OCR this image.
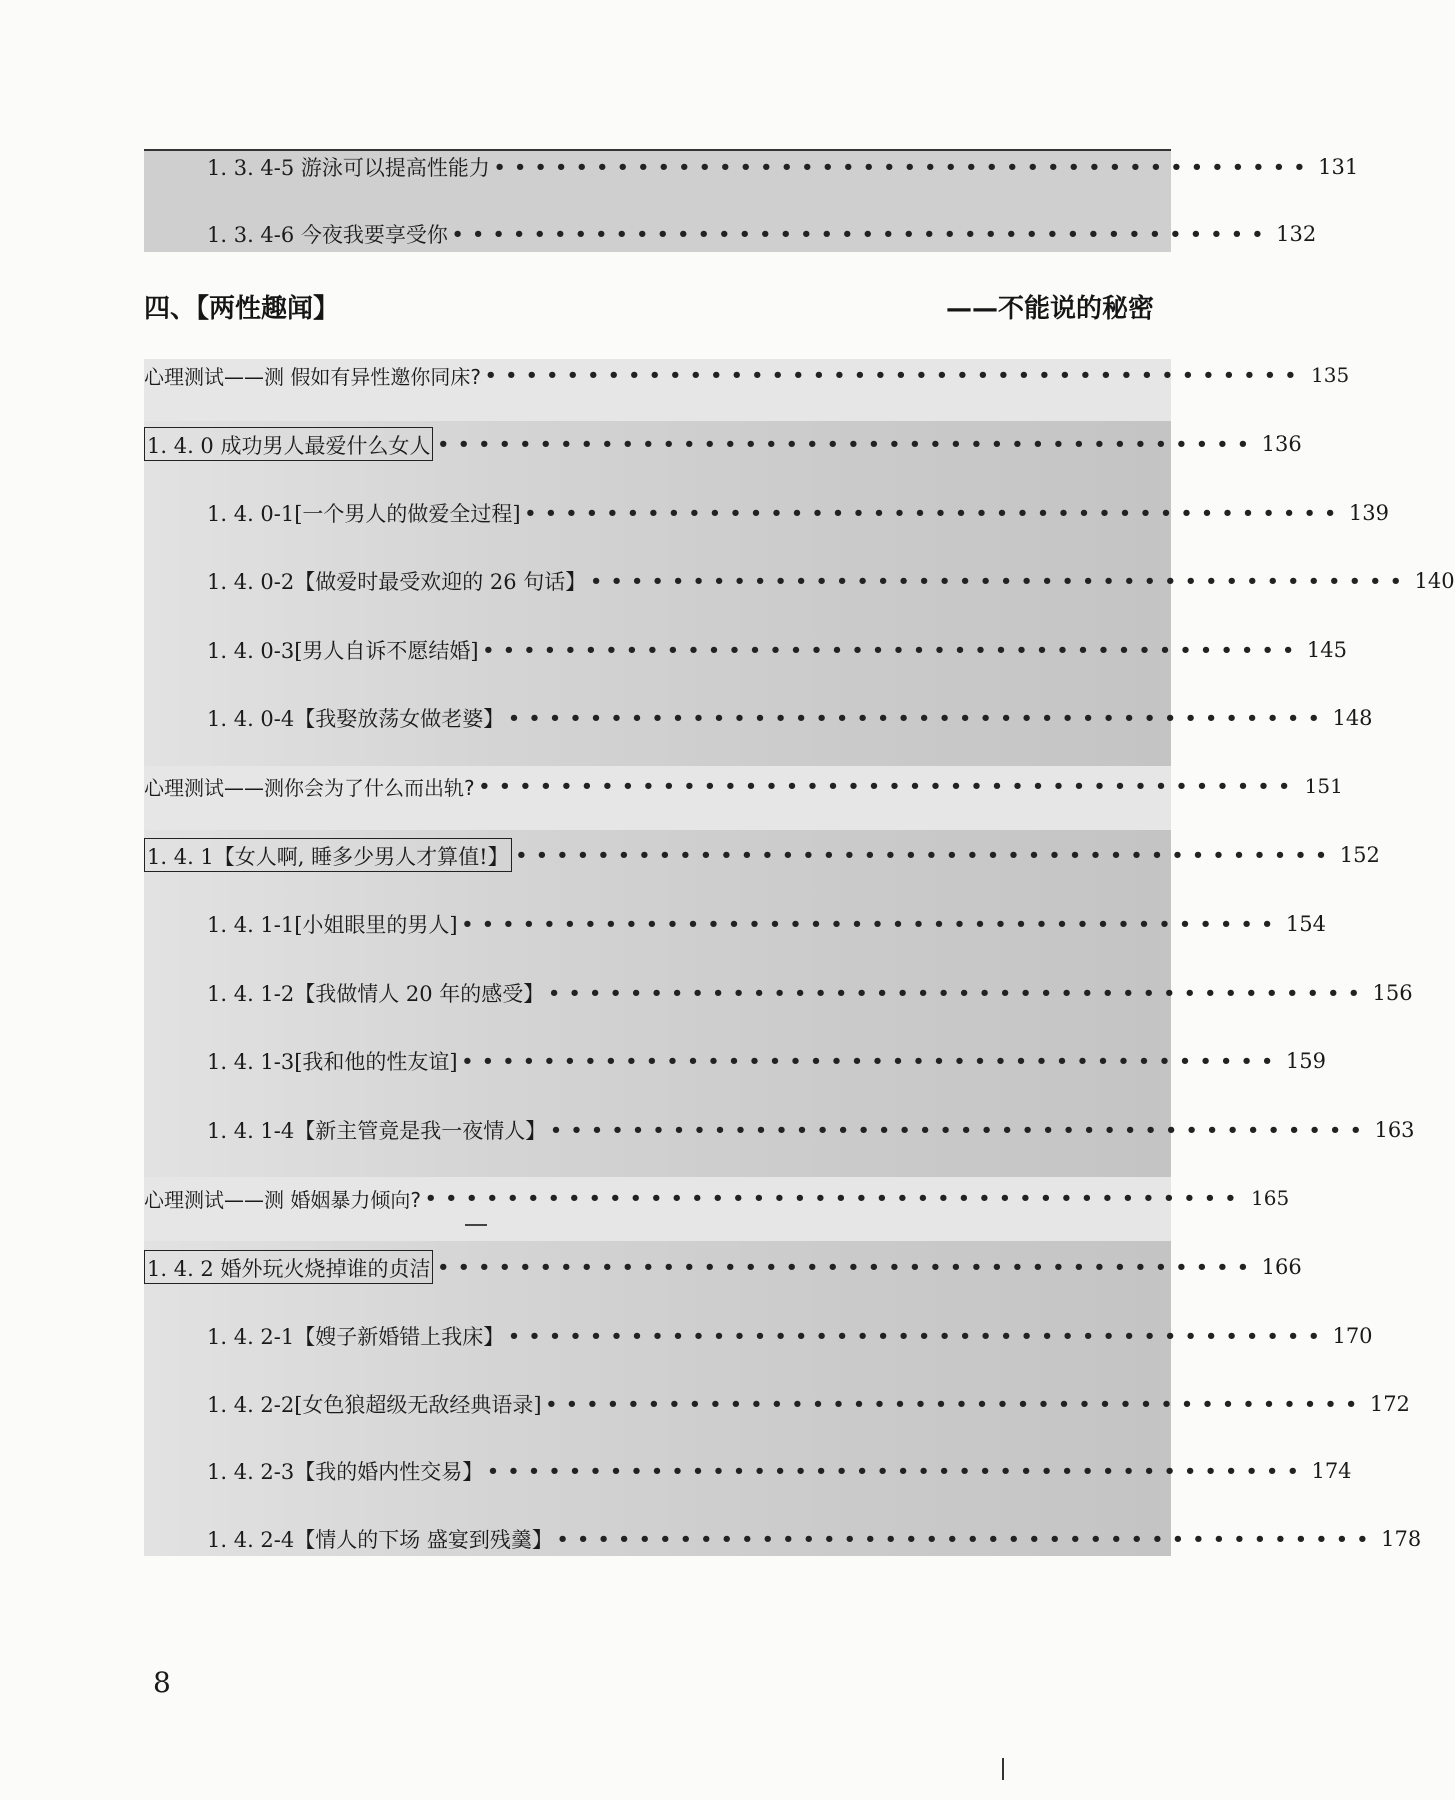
1. 3. 4-5 游泳可以提高性能力 •••••••••••••••••••••••••••••••••••••••• 131
1. 3. 4-6 今夜我要享受你 •••••••••••••••••••••••••••••••••••••••• 132
四、【两性趣闻】	——不能说的秘密
心理测试——测 假如有异性邀你同床? •••••••••••••••••••••••••••••••••••••••• 135
1. 4. 0 成功男人最爱什么女人 •••••••••••••••••••••••••••••••••••••••• 136
1. 4. 0-1[一个男人的做爱全过程] •••••••••••••••••••••••••••••••••••••••• 139
1. 4. 0-2【做爱时最受欢迎的 26 句话】 •••••••••••••••••••••••••••••••••••••••• 140
1. 4. 0-3[男人自诉不愿结婚] •••••••••••••••••••••••••••••••••••••••• 145
1. 4. 0-4【我娶放荡女做老婆】 •••••••••••••••••••••••••••••••••••••••• 148
心理测试——测你会为了什么而出轨? •••••••••••••••••••••••••••••••••••••••• 151
1. 4. 1【女人啊, 睡多少男人才算值!】 •••••••••••••••••••••••••••••••••••••••• 152
1. 4. 1-1[小姐眼里的男人] •••••••••••••••••••••••••••••••••••••••• 154
1. 4. 1-2【我做情人 20 年的感受】 •••••••••••••••••••••••••••••••••••••••• 156
1. 4. 1-3[我和他的性友谊] •••••••••••••••••••••••••••••••••••••••• 159
1. 4. 1-4【新主管竟是我一夜情人】 •••••••••••••••••••••••••••••••••••••••• 163
心理测试——测 婚姻暴力倾向? •••••••••••••••••••••••••••••••••••••••• 165
1. 4. 2 婚外玩火烧掉谁的贞洁 •••••••••••••••••••••••••••••••••••••••• 166
1. 4. 2-1【嫂子新婚错上我床】 •••••••••••••••••••••••••••••••••••••••• 170
1. 4. 2-2[女色狼超级无敌经典语录] •••••••••••••••••••••••••••••••••••••••• 172
1. 4. 2-3【我的婚内性交易】 •••••••••••••••••••••••••••••••••••••••• 174
1. 4. 2-4【情人的下场 盛宴到残羹】 •••••••••••••••••••••••••••••••••••••••• 178
8
